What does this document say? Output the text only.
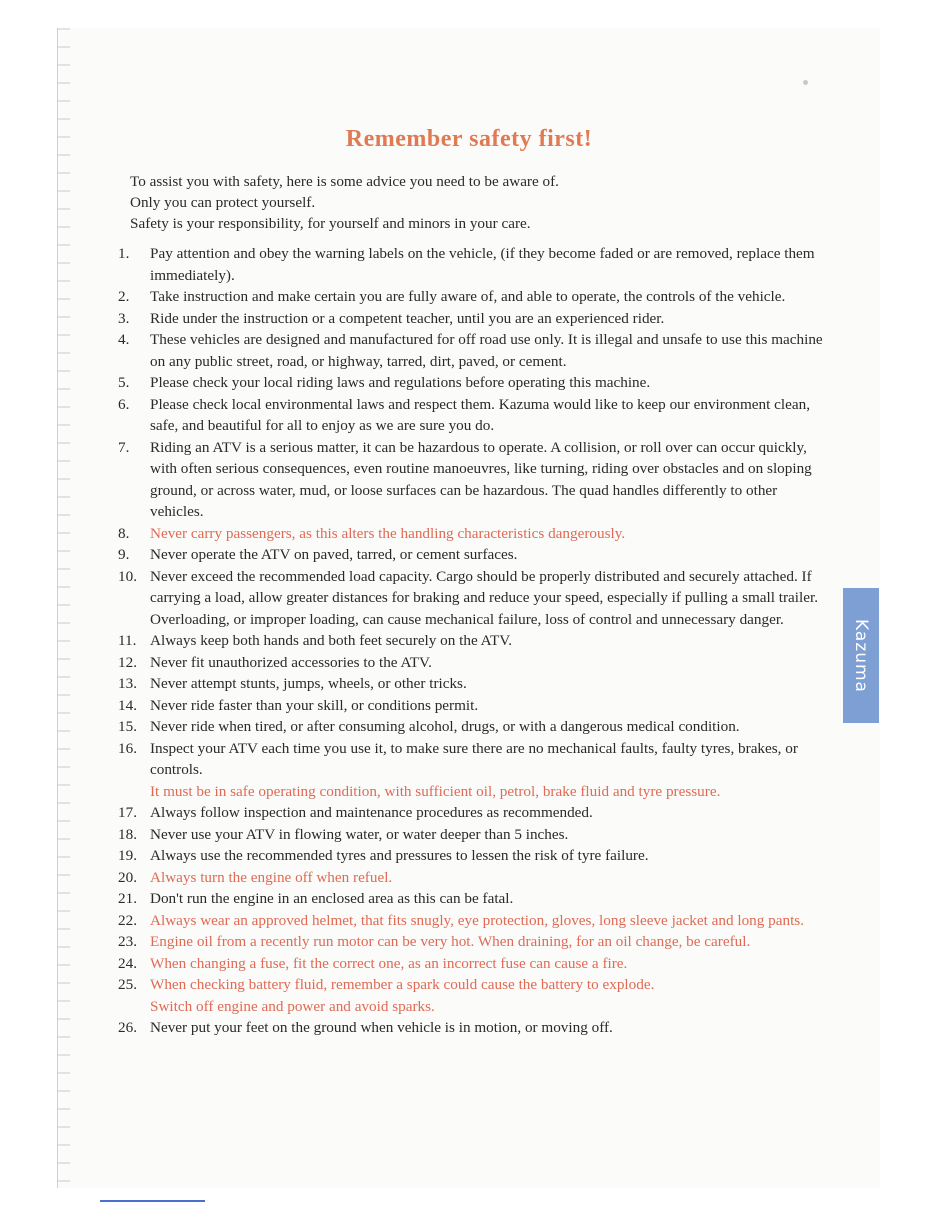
Remember safety first!
To assist you with safety, here is some advice you need to be aware of.
Only you can protect yourself.
Safety is your responsibility, for yourself and minors in your care.
1. Pay attention and obey the warning labels on the vehicle, (if they become faded or are removed, replace them immediately).
2. Take instruction and make certain you are fully aware of, and able to operate, the controls of the vehicle.
3. Ride under the instruction or a competent teacher, until you are an experienced rider.
4. These vehicles are designed and manufactured for off road use only. It is illegal and unsafe to use this machine on any public street, road, or highway, tarred, dirt, paved, or cement.
5. Please check your local riding laws and regulations before operating this machine.
6. Please check local environmental laws and respect them. Kazuma would like to keep our environment clean, safe, and beautiful for all to enjoy as we are sure you do.
7. Riding an ATV is a serious matter, it can be hazardous to operate. A collision, or roll over can occur quickly, with often serious consequences, even routine manoeuvres, like turning, riding over obstacles and on sloping ground, or across water, mud, or loose surfaces can be hazardous. The quad handles differently to other vehicles.
8. Never carry passengers, as this alters the handling characteristics dangerously.
9. Never operate the ATV on paved, tarred, or cement surfaces.
10. Never exceed the recommended load capacity. Cargo should be properly distributed and securely attached. If carrying a load, allow greater distances for braking and reduce your speed, especially if pulling a small trailer. Overloading, or improper loading, can cause mechanical failure, loss of control and unnecessary danger.
11. Always keep both hands and both feet securely on the ATV.
12. Never fit unauthorized accessories to the ATV.
13. Never attempt stunts, jumps, wheels, or other tricks.
14. Never ride faster than your skill, or conditions permit.
15. Never ride when tired, or after consuming alcohol, drugs, or with a dangerous medical condition.
16. Inspect your ATV each time you use it, to make sure there are no mechanical faults, faulty tyres, brakes, or controls.
It must be in safe operating condition, with sufficient oil, petrol, brake fluid and tyre pressure.
17. Always follow inspection and maintenance procedures as recommended.
18. Never use your ATV in flowing water, or water deeper than 5 inches.
19. Always use the recommended tyres and pressures to lessen the risk of tyre failure.
20. Always turn the engine off when refuel.
21. Don't run the engine in an enclosed area as this can be fatal.
22. Always wear an approved helmet, that fits snugly, eye protection, gloves, long sleeve jacket and long pants.
23. Engine oil from a recently run motor can be very hot. When draining, for an oil change, be careful.
24. When changing a fuse, fit the correct one, as an incorrect fuse can cause a fire.
25. When checking battery fluid, remember a spark could cause the battery to explode.
Switch off engine and power and avoid sparks.
26. Never put your feet on the ground when vehicle is in motion, or moving off.
Kazuma
